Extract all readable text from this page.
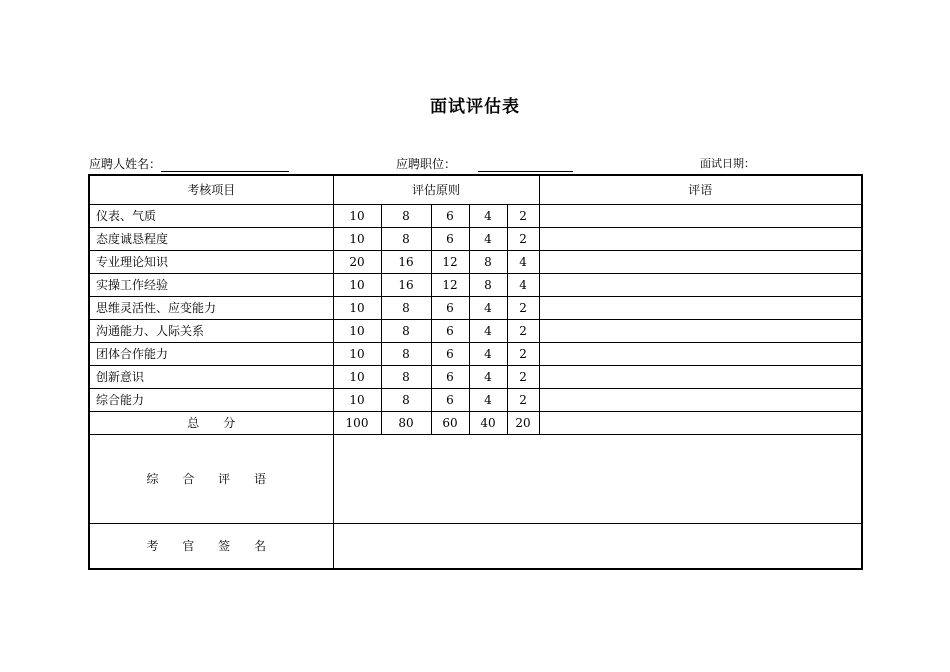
面试评估表
应聘人姓名：	应聘职位：	面试日期：
考核项目	评估原则					评语
仪表、气质	10	8	6	4	2	
态度诚恳程度	10	8	6	4	2	
专业理论知识	20	16	12	8	4	
实操工作经验	10	16	12	8	4	
思维灵活性、应变能力	10	8	6	4	2	
沟通能力、人际关系	10	8	6	4	2	
团体合作能力	10	8	6	4	2	
创新意识	10	8	6	4	2	
综合能力	10	8	6	4	2	
总　　分	100	80	60	40	20	
综 合 评 语						
考 官 签 名						
